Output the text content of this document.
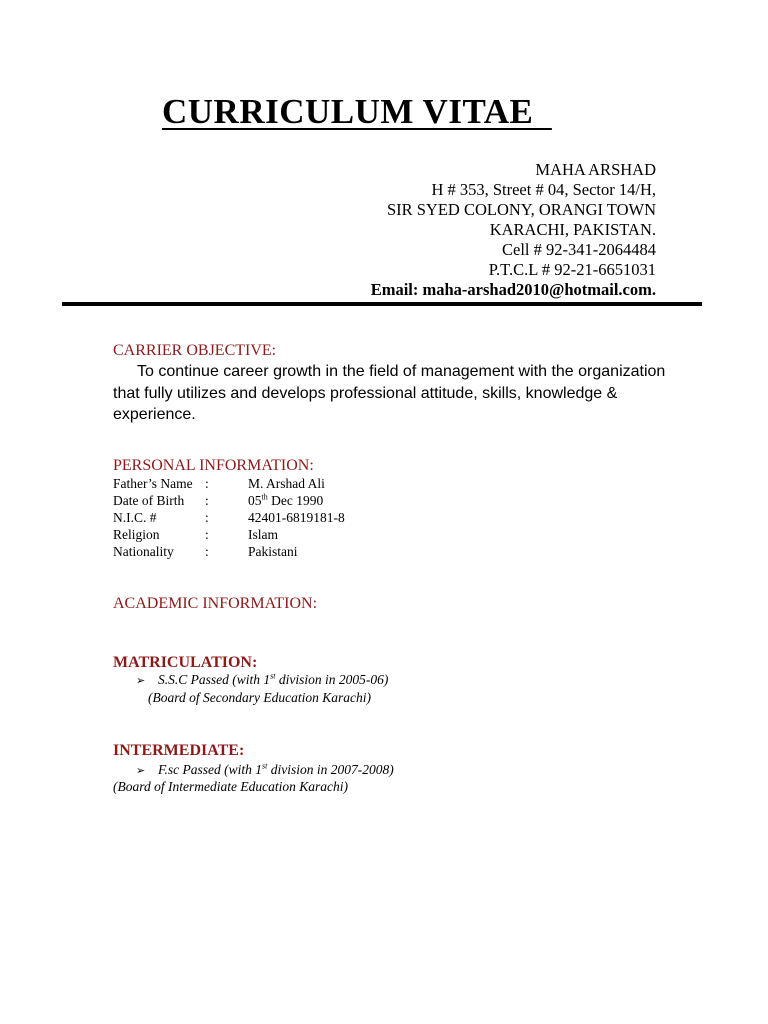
CURRICULUM VITAE
MAHA ARSHAD
H # 353, Street # 04, Sector 14/H,
SIR SYED COLONY, ORANGI TOWN
KARACHI, PAKISTAN.
Cell # 92-341-2064484
P.T.C.L # 92-21-6651031
Email: maha-arshad2010@hotmail.com.
CARRIER OBJECTIVE:
To continue career growth in the field of management with the organization that fully utilizes and develops professional attitude, skills, knowledge & experience.
PERSONAL INFORMATION:
Father’s Name :	M. Arshad Ali
Date of Birth	:	05th Dec 1990
N.I.C. #	:	42401-6819181-8
Religion	:	Islam
Nationality	:	Pakistani
ACADEMIC INFORMATION:
MATRICULATION:
➢ S.S.C Passed (with 1st division in 2005-06)
(Board of Secondary Education Karachi)
INTERMEDIATE:
➢ F.sc Passed (with 1st division in 2007-2008)
(Board of Intermediate Education Karachi)
